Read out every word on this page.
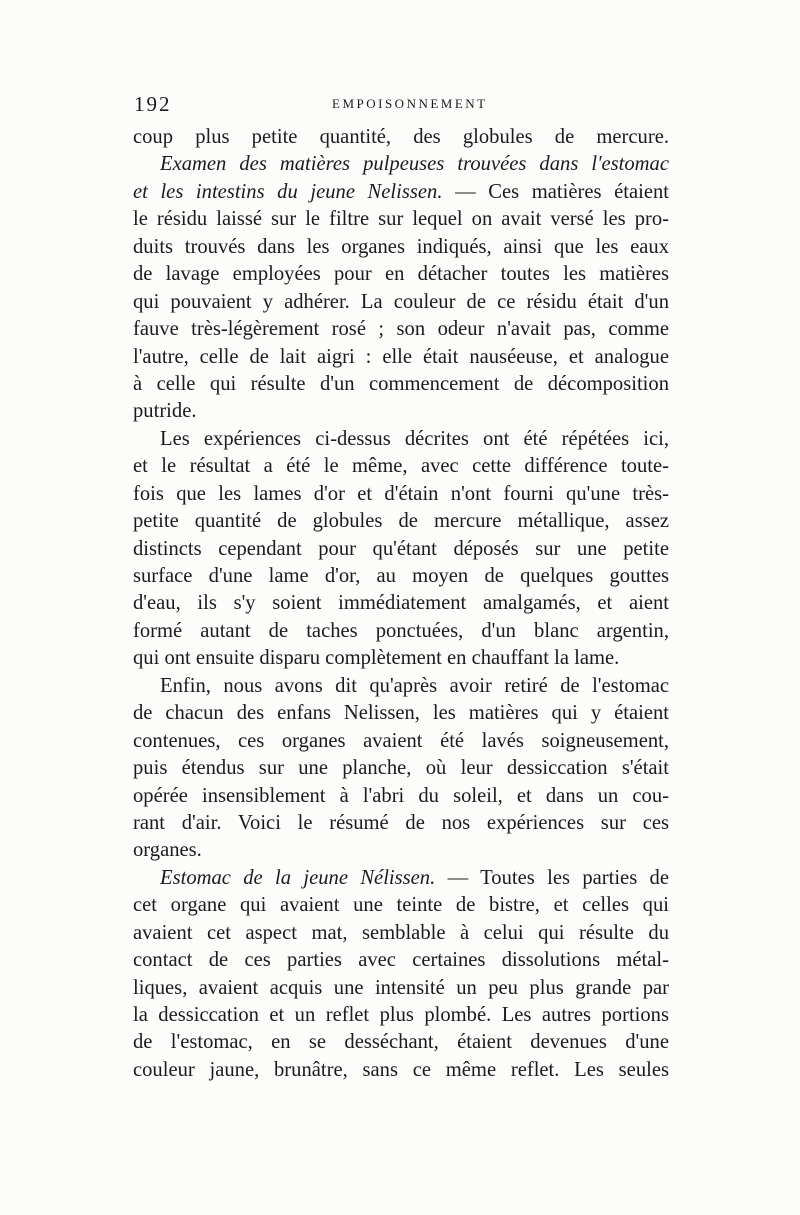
192	EMPOISONNEMENT
coup plus petite quantité, des globules de mercure.
Examen des matières pulpeuses trouvées dans l'estomac
et les intestins du jeune Nelissen. — Ces matières étaient
le résidu laissé sur le filtre sur lequel on avait versé les pro-
duits trouvés dans les organes indiqués, ainsi que les eaux
de lavage employées pour en détacher toutes les matières
qui pouvaient y adhérer. La couleur de ce résidu était d'un
fauve très-légèrement rosé ; son odeur n'avait pas, comme
l'autre, celle de lait aigri : elle était nauséeuse, et analogue
à celle qui résulte d'un commencement de décomposition
putride.
Les expériences ci-dessus décrites ont été répétées ici,
et le résultat a été le même, avec cette différence toute-
fois que les lames d'or et d'étain n'ont fourni qu'une très-
petite quantité de globules de mercure métallique, assez
distincts cependant pour qu'étant déposés sur une petite
surface d'une lame d'or, au moyen de quelques gouttes
d'eau, ils s'y soient immédiatement amalgamés, et aient
formé autant de taches ponctuées, d'un blanc argentin,
qui ont ensuite disparu complètement en chauffant la lame.
Enfin, nous avons dit qu'après avoir retiré de l'estomac
de chacun des enfans Nelissen, les matières qui y étaient
contenues, ces organes avaient été lavés soigneusement,
puis étendus sur une planche, où leur dessiccation s'était
opérée insensiblement à l'abri du soleil, et dans un cou-
rant d'air. Voici le résumé de nos expériences sur ces
organes.
Estomac de la jeune Nélissen. — Toutes les parties de
cet organe qui avaient une teinte de bistre, et celles qui
avaient cet aspect mat, semblable à celui qui résulte du
contact de ces parties avec certaines dissolutions métal-
liques, avaient acquis une intensité un peu plus grande par
la dessiccation et un reflet plus plombé. Les autres portions
de l'estomac, en se desséchant, étaient devenues d'une
couleur jaune, brunâtre, sans ce même reflet. Les seules
